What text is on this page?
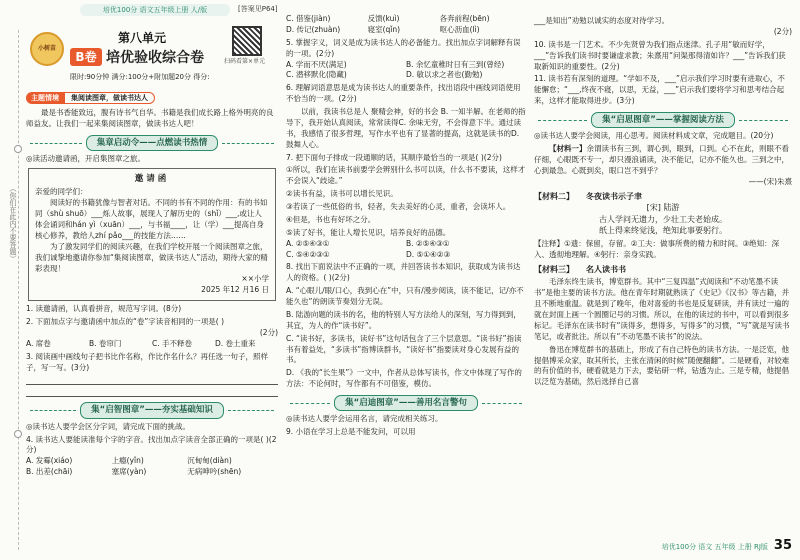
培优100分 语文五年级上册 人/版	[答案见P64]
（你们在此内不要答题）
小树苗
第八单元
B卷 培优验收综合卷	扫码看第×单元
限时:90分钟 满分:100分+附加题20分 得分:
主题情境	集阅读图章，做读书达人
最是书香能致远，腹有诗书气自华。书籍是我们成长路上格外明亮的良师益友。让我们一起来集阅读图章，做读书达人吧！
集章启动令——点燃读书热情
◎读活动邀请函，开启集图章之旅。
邀请函
亲爱的同学们：

阅读好的书籍犹像与智者对话。不同的书有不同的作用：有的书如同（shù shuō）___烁人故事，展现人了解历史的（shǐ）___,或让人体会诵词和hán yì（xuān）___，与书福____，让（学）___提高自身核心修养，教给人zhí pǎo___的技能方法……

为了激发同学们的阅读兴趣，在我们学校开展一个阅读图章之旅，我们诚挚地邀请你参加“集阅读图章，做读书达人”活动，期待大家的精彩表现！

××小学
2025 年12 月16 日
1. 读邀请函，认真看拼音，规范写字词。(8分)
2. 下面加点字与邀请函中加点的“卷”字读音相同的一项是( )
(2分)
A. 席卷	B. 卷帘门	C. 手不释卷	D. 卷土重来
3. 阅读画中画线句子把书比作名称，作比作名什么？再任选一句子，照样子，写一写。(3分)
集“启智图章”——夯实基础知识
◎读书达人要学会区分字词，请完成下面的挑战。
4. 读书达人要能读准每个字的字音。找出加点字读音全部正确的一项是( )(2分)
A. 发霉(xiáo)	上瘾(yǐn)	沉甸甸(diàn)
B. 出差(chāi)	塞席(yàn)	无病呻吟(shēn)
C. 借鉴(jiàn)	反馈(kuì)	各奔前程(bēn)
D. 传记(zhuàn)	寝室(qǐn)	呕心沥血(lì)
5. 掌握字义，词义是成为读书达人的必备能力。找出加点字词解释有误的一项。(2分)
A. 学而不厌(满足)	B. 余忆童稚时日有三到(曾经)
C. 潜移默化(隐藏)	D. 敏以求之者也(勤勉)
6. 理解词语意思是成为读书达人的重要条件，找出语段中画线词语使用不恰当的一项。(2分)
以前，我读书总是人 聚精会神，好的书会 B. 一知半解。在老师的指导下，我开始认真阅读，常常读得C. 余味无穷，不会得意下半。通过读书，我感悟了很多哲理，写作水平也有了显著的提高，这就是读书的D. 鼓舞人心。
7. 把下面句子排成一段通顺的话，其顺序最恰当的一项是( )(2分)
①所以，我们在读书前要学会辨别什么书可以读，什么书不要读，这样才不会误入“歧途。”
②读书有益，读书可以增长见识。
③若读了一些低俗的书，轻者，失去美好的心灵，重者，会读坏人。
④但是，书也有好坏之分。
⑤读了好书，能让人增长见识，培养良好的品德。
A. ②⑤④③①	B. ②⑤④③①
C. ⑤④②③①	D. ⑤①④②③
8. 找出下面说法中不正确的一项，并回答读书本知识，获取成为读书达人的资格。( )(2分)
A. “心眼儿/眼/口心，我到心在”中，只有/漫步阅读，读不能记，记/亦不能久也”的朗读节奏划分无误。
B. 陆游向题的读书的名，他的特别人写方法给人的深刻，写力得到到，其宜，为人的作“读书好”。
C. “读书好，多读书，读好书”这句话包含了三个层意思。“读书好”指读书有着益处，“多读书”指博读群书，“读好书”指要读对身心发展有益的书。
D. 《我的“长生果”》一文中，作者从总体写读书，作文中体现了写作的方法：不论何时，写作都有不可借鉴，模仿。
集“启迪图章”——善用名言警句
◎读书达人要学会运用名言，请完成相关练习。
9. 小语在学习上总是不能发问，可以用
___是知出”劝勉以诚实的态度对待学习。
(2分)
10. 读书是一门艺术。不少先贤曾为我们指点迷津。孔子用“敏而好学，___”告诉我们读书时要谦虚求教；朱熹用“问渠那得清如许？___”告诉我们获取新知识的重要性。(2分)
11. 读书若有深刻的道理。“学如不及，___”启示我们学习时要有进取心，不能懈怠；“___,终夜不寝，以思，无益，___”启示我们要将学习和思考结合起来，这样才能取得进步。(3分)
集“启思图章”——掌握阅读方法
◎读书达人要学会阅读，用心思考。阅读材料成文章，完成题目。(20分)
【材料一】余谓读书有三到，谓心到，眼到，口到。心不在此，则眼不看仔细，心眼既不专一，却只漫浪诵读，决不能记，记亦不能久也。三到之中，心到最急。心既到矣，眼口岂不到乎？
——(宋)朱熹
【材料二】 冬夜读书示子聿
[宋] 陆游
古人学问无遗力，少壮工夫老始成。
纸上得来终觉浅，绝知此事要躬行。
【注释】①遗：保留，存留。②工夫：做事所费的精力和时间。③绝知：深入、透彻地理解。④躬行：亲身实践。
【材料三】 名人读书书
毛泽东终生读书，博览群书。其中“三复四温”式阅读和“不动笔墨不读书”是他主要的读书方法。他在青年时期就熟读了《史记》《汉书》等古籍，并且不断地重温。就是到了晚年，他对喜爱的书也是反复研读，并有读过一遍的就在封面上画一个圆圈记号的习惯。所以，在他的读过的书中，可以看到很多标记。毛泽东在读书时有“读得多，想得多，写得多”的习惯，“写”就是写读书笔记，或者批注。所以有“不动笔墨不读书”的说法。
鲁迅在博览群书的基础上，形成了有自己特色的读书方法。一是泛览，他提倡博采众家，取其所长，主张在清闲的时候“随便翻翻”。二是硬看，对较难的有价值的书，硬看就是力下去，要钻研一样，钻透为止。三是专精，他提倡以泛览为基础，然后选择自己喜
培优100分 语文 五年级 上册 RJ版 35
